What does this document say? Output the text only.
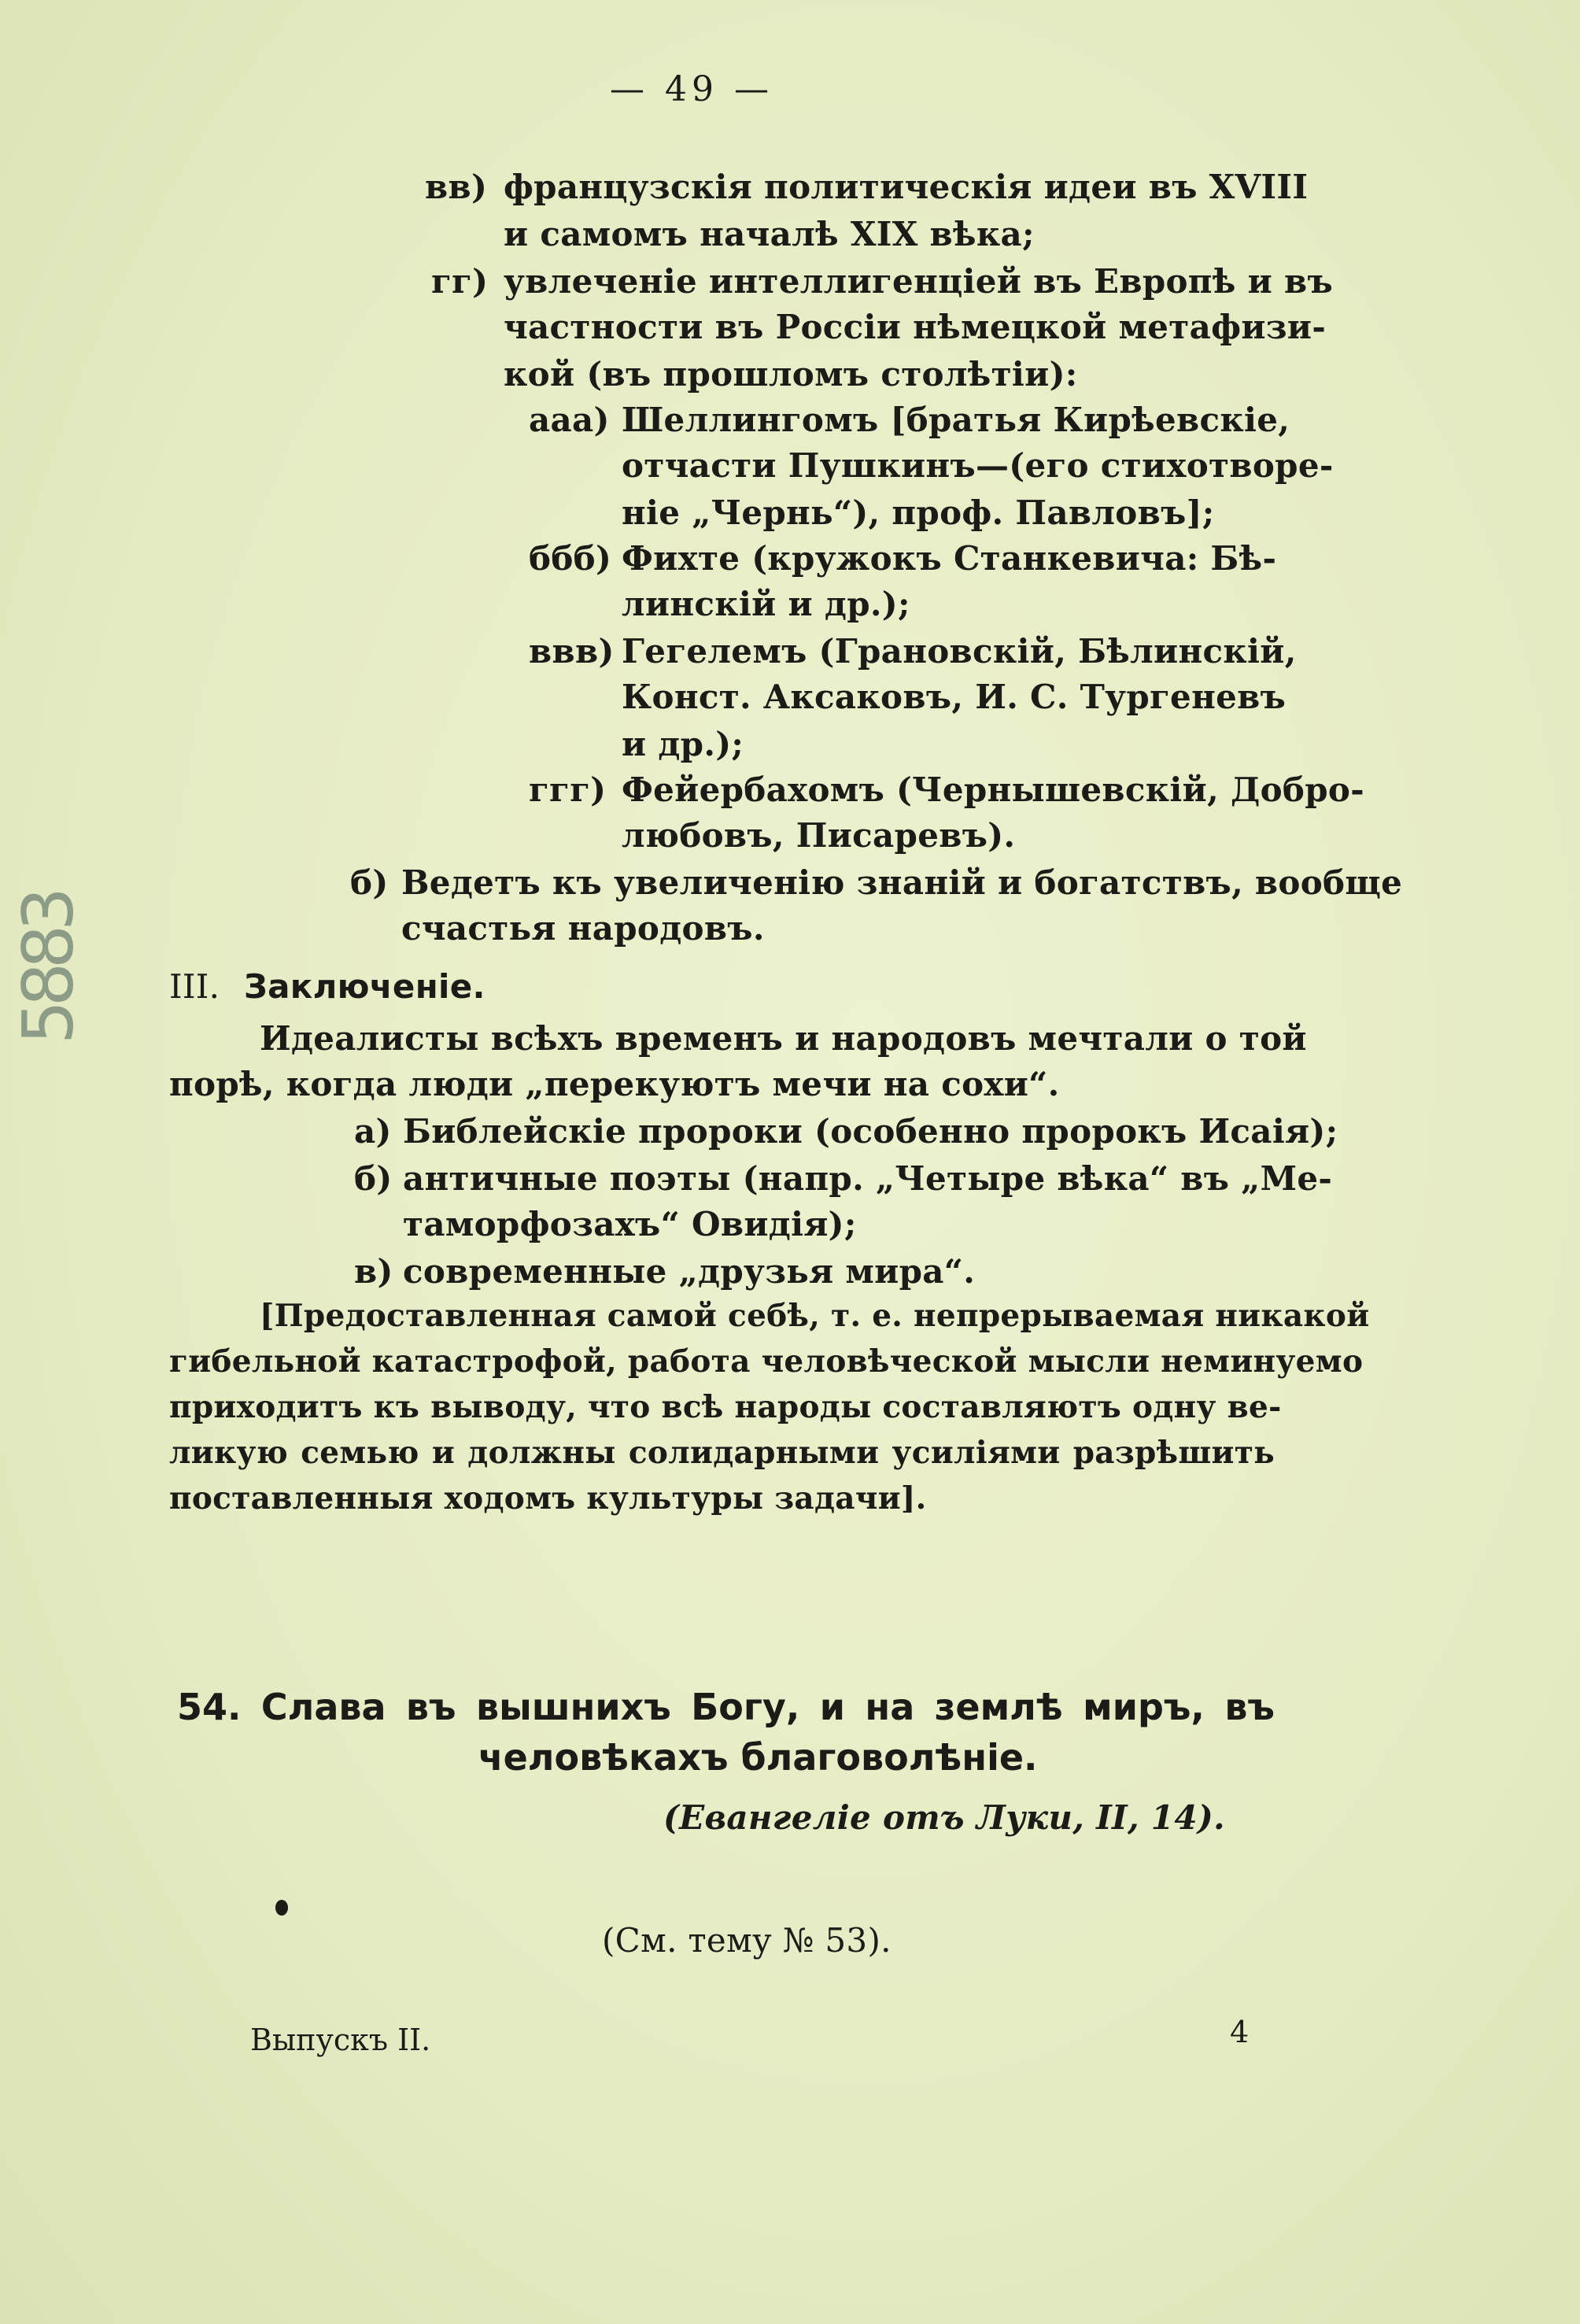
— 49 —
вв) французскія политическія идеи въ XVIII
и самомъ началѣ XIX вѣка;
гг) увлеченіе интеллигенціей въ Европѣ и въ
частности въ Россіи нѣмецкой метафизи-
кой (въ прошломъ столѣтіи):
ааа) Шеллингомъ [братья Кирѣевскіе,
отчасти Пушкинъ—(его стихотворе-
ніе „Чернь“), проф. Павловъ];
ббб) Фихте (кружокъ Станкевича: Бѣ-
линскій и др.);
ввв) Гегелемъ (Грановскій, Бѣлинскій,
Конст. Аксаковъ, И. С. Тургеневъ
и др.);
ггг) Фейербахомъ (Чернышевскій, Добро-
любовъ, Писаревъ).
б) Ведетъ къ увеличенію знаній и богатствъ, вообще
счастья народовъ.
III. Заключеніе.
Идеалисты всѣхъ временъ и народовъ мечтали о той
порѣ, когда люди „перекуютъ мечи на сохи“.
а) Библейскіе пророки (особенно пророкъ Исаія);
б) античные поэты (напр. „Четыре вѣка“ въ „Ме-
таморфозахъ“ Овидія);
в) современные „друзья мира“.
[Предоставленная самой себѣ, т. е. непрерываемая никакой
гибельной катастрофой, работа человѣческой мысли неминуемо
приходитъ къ выводу, что всѣ народы составляютъ одну ве-
ликую семью и должны солидарными усиліями разрѣшить
поставленныя ходомъ культуры задачи].
54. Слава въ вышнихъ Богу, и на землѣ миръ, въ
человѣкахъ благоволѣніе.
(Евангеліе отъ Луки, II, 14).
(См. тему № 53).
5883
Выпускъ II.	4
